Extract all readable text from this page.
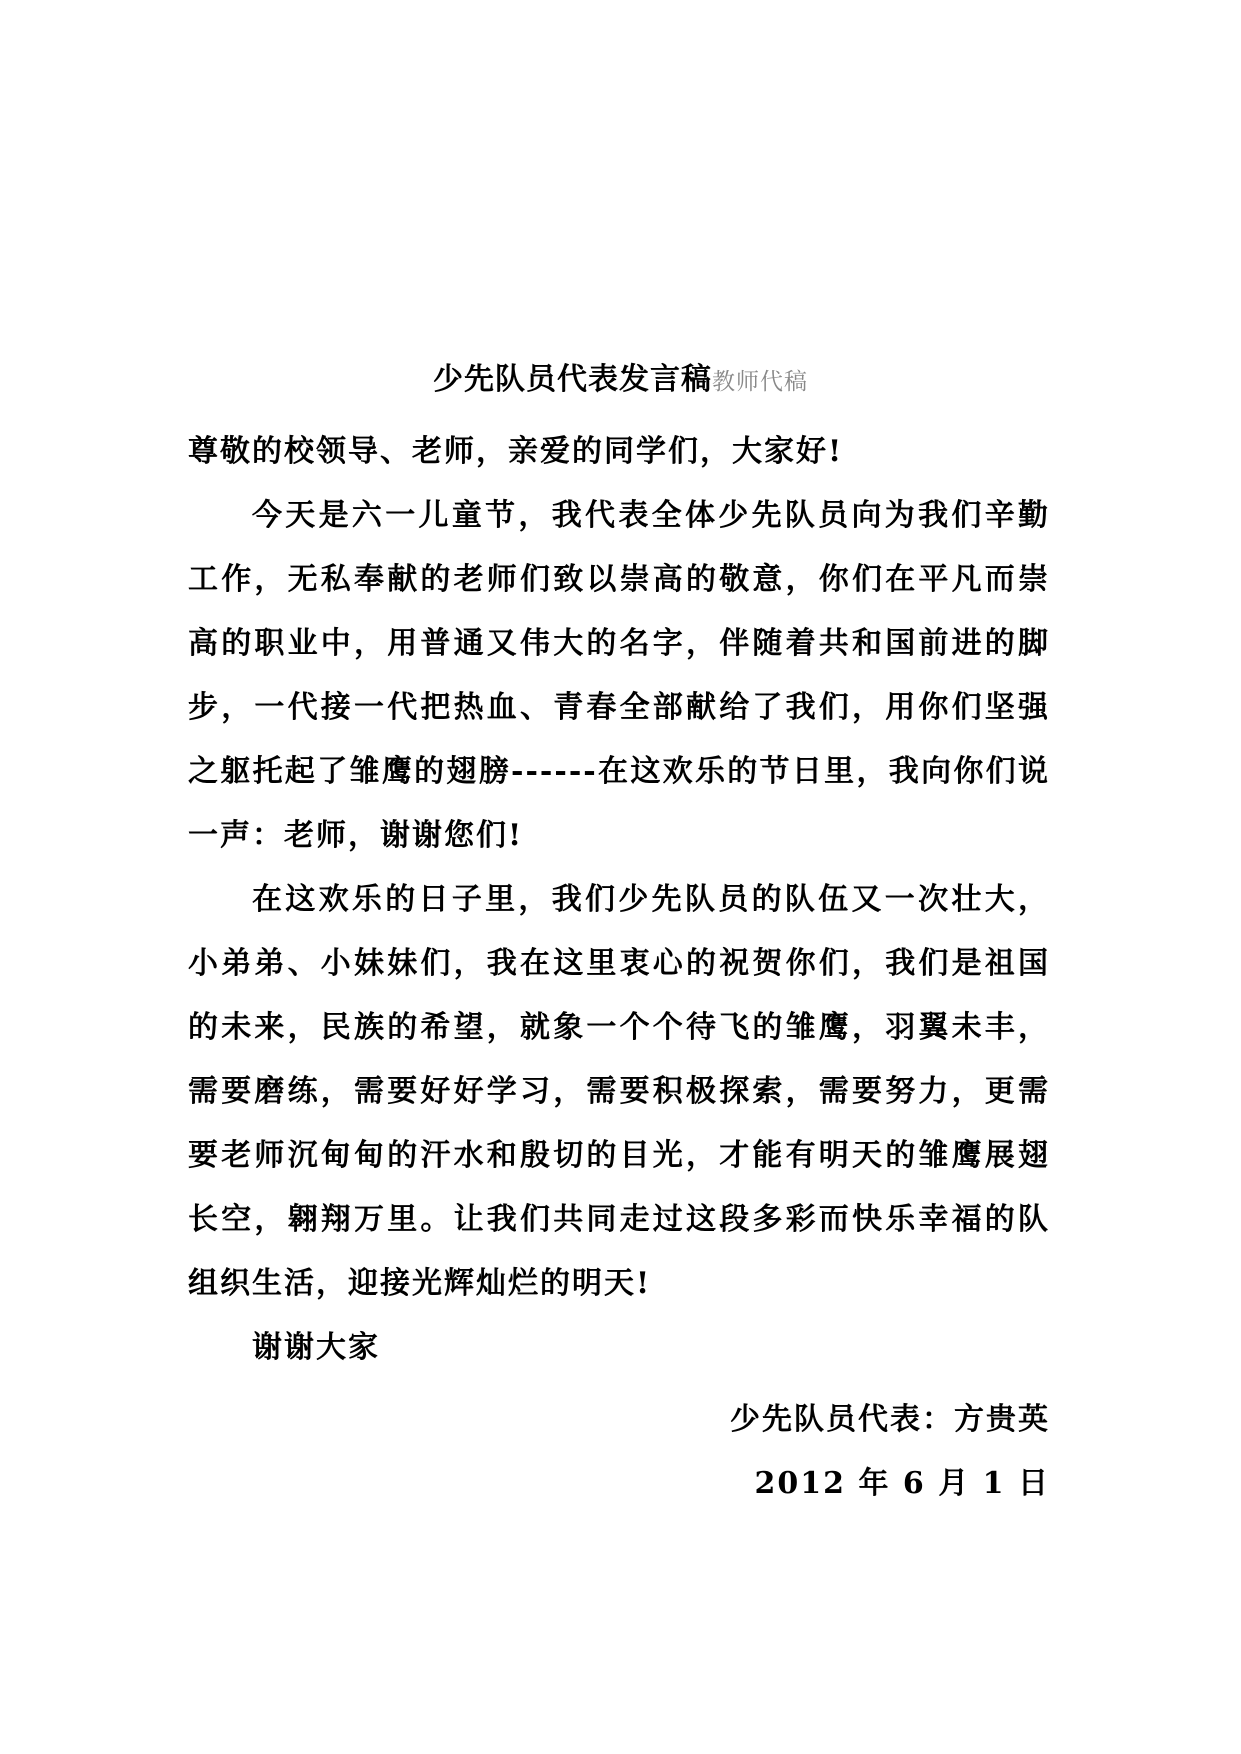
少先队员代表发言稿教师代稿

尊敬的校领导、老师，亲爱的同学们，大家好!

今天是六一儿童节，我代表全体少先队员向为我们辛勤工作，无私奉献的老师们致以崇高的敬意，你们在平凡而崇高的职业中，用普通又伟大的名字，伴随着共和国前进的脚步，一代接一代把热血、青春全部献给了我们，用你们坚强之躯托起了雏鹰的翅膀------在这欢乐的节日里，我向你们说一声：老师，谢谢您们!

在这欢乐的日子里，我们少先队员的队伍又一次壮大，小弟弟、小妹妹们，我在这里衷心的祝贺你们，我们是祖国的未来，民族的希望，就象一个个待飞的雏鹰，羽翼未丰，需要磨练，需要好好学习，需要积极探索，需要努力，更需要老师沉甸甸的汗水和殷切的目光，才能有明天的雏鹰展翅长空，翱翔万里。让我们共同走过这段多彩而快乐幸福的队组织生活，迎接光辉灿烂的明天!

谢谢大家

少先队员代表：方贵英
2012 年 6 月 1 日
